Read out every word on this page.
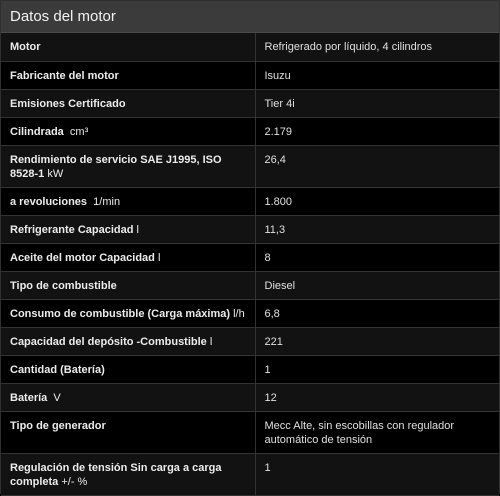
Datos del motor
Motor	Refrigerado por líquido, 4 cilindros
Fabricante del motor	Isuzu
Emisiones Certificado	Tier 4i
Cilindrada cm³	2.179
Rendimiento de servicio SAE J1995, ISO 8528-1 kW	26,4
a revoluciones 1/min	1.800
Refrigerante Capacidad l	11,3
Aceite del motor Capacidad l	8
Tipo de combustible	Diesel
Consumo de combustible (Carga máxima) l/h	6,8
Capacidad del depósito -Combustible l	221
Cantidad (Batería)	1
Batería V	12
Tipo de generador	Mecc Alte, sin escobillas con regulador automático de tensión
Regulación de tensión Sin carga a carga completa +/- %	1
